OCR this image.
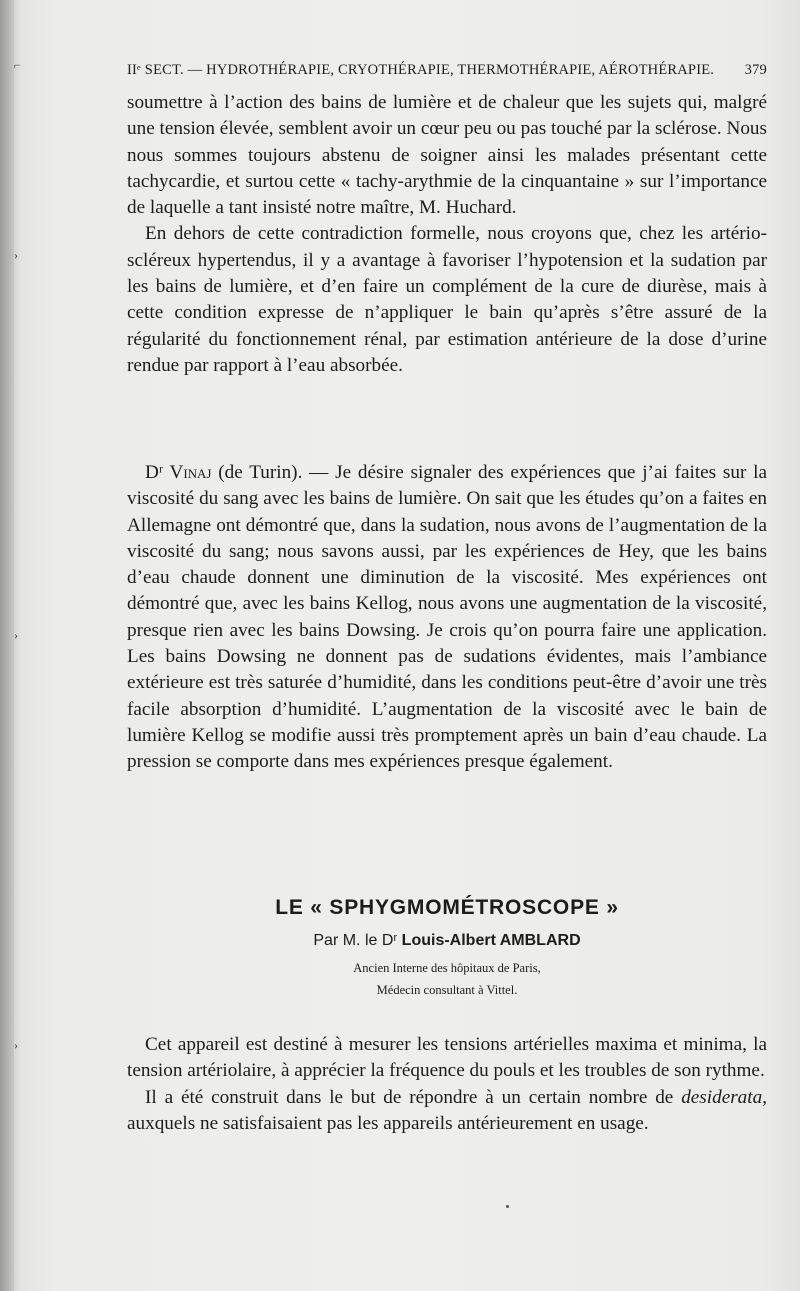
⌐
›
›
›
IIᵉ SECT. — HYDROTHÉRAPIE, CRYOTHÉRAPIE, THERMOTHÉRAPIE, AÉROTHÉRAPIE. 379

soumettre à l’action des bains de lumière et de chaleur que les sujets qui, malgré une tension élevée, semblent avoir un cœur peu ou pas touché par la sclérose. Nous nous sommes toujours abstenu de soigner ainsi les malades présentant cette tachycardie, et surtou cette « tachy-arythmie de la cinquantaine » sur l’importance de laquelle a tant insisté notre maître, M. Huchard.

En dehors de cette contradiction formelle, nous croyons que, chez les artério-scléreux hypertendus, il y a avantage à favoriser l’hypotension et la sudation par les bains de lumière, et d’en faire un complément de la cure de diurèse, mais à cette condition expresse de n’appliquer le bain qu’après s’être assuré de la régularité du fonctionnement rénal, par estimation antérieure de la dose d’urine rendue par rapport à l’eau absorbée.

Dʳ Vinaj (de Turin). — Je désire signaler des expériences que j’ai faites sur la viscosité du sang avec les bains de lumière. On sait que les études qu’on a faites en Allemagne ont démontré que, dans la sudation, nous avons de l’augmentation de la viscosité du sang; nous savons aussi, par les expériences de Hey, que les bains d’eau chaude donnent une diminution de la viscosité. Mes expériences ont démontré que, avec les bains Kellog, nous avons une augmentation de la viscosité, presque rien avec les bains Dowsing. Je crois qu’on pourra faire une application. Les bains Dowsing ne donnent pas de sudations évidentes, mais l’ambiance extérieure est très saturée d’humidité, dans les conditions peut-être d’avoir une très facile absorption d’humidité. L’augmentation de la viscosité avec le bain de lumière Kellog se modifie aussi très promptement après un bain d’eau chaude. La pression se comporte dans mes expériences presque également.

LE « SPHYGMOMÉTROSCOPE »
Par M. le Dʳ Louis-Albert AMBLARD
Ancien Interne des hôpitaux de Paris,
Médecin consultant à Vittel.

Cet appareil est destiné à mesurer les tensions artérielles maxima et minima, la tension artériolaire, à apprécier la fréquence du pouls et les troubles de son rythme.

Il a été construit dans le but de répondre à un certain nombre de desiderata, auxquels ne satisfaisaient pas les appareils antérieurement en usage.
